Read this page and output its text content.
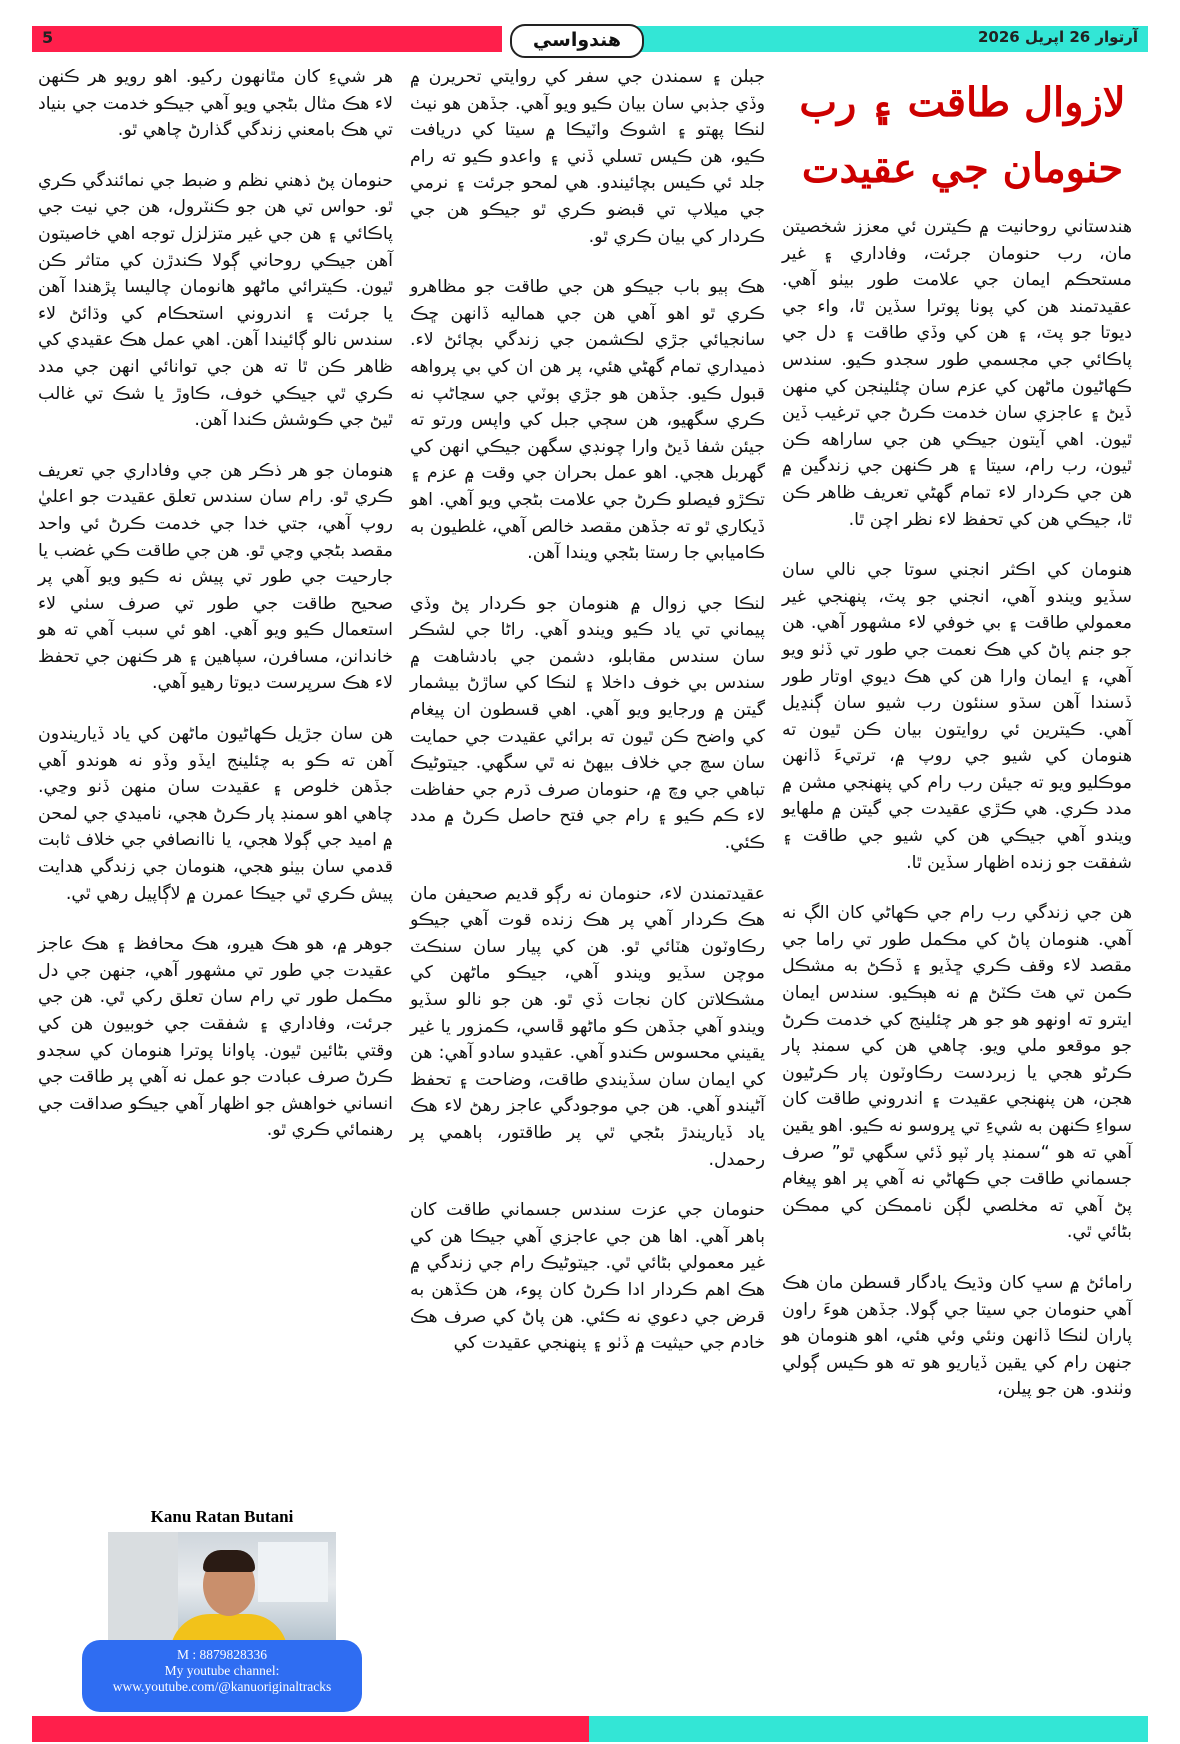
5	هندواسي	آرتوار 26 اپريل 2026
لازوال طاقت ۽ رب
حنومان جي عقيدت

هندستاني روحانيت ۾ ڪيترن ئي معزز شخصيتن مان، رب حنومان جرئت، وفاداري ۽ غير مستحڪم ايمان جي علامت طور بيٺو آهي. عقيدتمند هن کي پونا پوترا سڏين ٿا، واء جي ديوتا جو پٽ، ۽ هن کي وڏي طاقت ۽ دل جي پاڪائي جي مجسمي طور سجدو ڪيو. سندس ڪهاڻيون ماڻهن کي عزم سان چئلينجن کي منهن ڏيڻ ۽ عاجزي سان خدمت ڪرڻ جي ترغيب ڏين ٿيون. اهي آيتون جيڪي هن جي ساراهه ڪن ٿيون، رب رام، سيتا ۽ هر ڪنهن جي زندگين ۾ هن جي ڪردار لاء تمام گهڻي تعريف ظاهر ڪن ٿا، جيڪي هن کي تحفظ لاء نظر اچن ٿا.

هنومان کي اڪثر انجني سوتا جي نالي سان سڏيو ويندو آهي، انجني جو پٽ، پنهنجي غير معمولي طاقت ۽ بي خوفي لاء مشهور آهي. هن جو جنم پاڻ کي هڪ نعمت جي طور تي ڏٺو ويو آهي، ۽ ايمان وارا هن کي هڪ ديوي اوتار طور ڏسندا آهن سڌو سنئون رب شيو سان ڳنڍيل آهي. ڪيترين ئي روايتون بيان ڪن ٿيون ته هنومان کي شيو جي روپ ۾، ترتيءَ ڏانهن موڪليو ويو ته جيئن رب رام کي پنهنجي مشن ۾ مدد ڪري. هي ڪڙي عقيدت جي گيتن ۾ ملهايو ويندو آهي جيڪي هن کي شيو جي طاقت ۽ شفقت جو زنده اظهار سڏين ٿا.

هن جي زندگي رب رام جي ڪهاڻي کان الڳ نه آهي. هنومان پاڻ کي مڪمل طور تي راما جي مقصد لاء وقف ڪري ڇڏيو ۽ ڏڪڻ به مشڪل ڪمن تي هٽ ڪٽڻ ۾ نه هٻڪيو. سندس ايمان ايترو ته اونهو هو جو هر چئلينج کي خدمت ڪرڻ جو موقعو ملي ويو. چاهي هن کي سمنڊ پار ڪرڻو هجي يا زبردست رڪاوٽون پار ڪرڻيون هجن، هن پنهنجي عقيدت ۽ اندروني طاقت کان سواءِ ڪنهن به شيءِ تي ڀروسو نه ڪيو. اهو يقين آهي ته هو “سمنڊ پار ٽپو ڏئي سگهي ٿو” صرف جسماني طاقت جي ڪهاڻي نه آهي پر اهو پيغام پڻ آهي ته مخلصي لڳن ناممڪن کي ممڪن بڻائي ٿي.

رامائڻ ۾ سڀ کان وڌيڪ يادگار قسطن مان هڪ آهي حنومان جي سيتا جي ڳولا. جڏهن هوءَ راون پاران لنڪا ڏانهن ونئي وئي هئي، اهو هنومان هو جنهن رام کي يقين ڏياريو هو ته هو ڪيس ڳولي وٺندو. هن جو پيلن،

جبلن ۽ سمندن جي سفر کي روايتي تحريرن ۾ وڏي جذبي سان بيان ڪيو ويو آهي. جڏهن هو نيٺ لنڪا پهتو ۽ اشوڪ واٽيڪا ۾ سيتا کي دريافت ڪيو، هن ڪيس تسلي ڏني ۽ واعدو ڪيو ته رام جلد ئي ڪيس بچائيندو. هي لمحو جرئت ۽ نرمي جي ميلاپ تي قبضو ڪري ٿو جيڪو هن جي ڪردار کي بيان ڪري ٿو.

هڪ ٻيو باب جيڪو هن جي طاقت جو مظاهرو ڪري ٿو اهو آهي هن جي هماليه ڏانهن ڇڪ سانجيائي جڙي لڪشمن جي زندگي بچائڻ لاء. ذميداري تمام گهڻي هئي، پر هن ان کي بي پرواهه قبول ڪيو. جڏهن هو جڙي ٻوٽي جي سڃاڻپ نه ڪري سگهيو، هن سڄي جبل کي واپس ورتو ته جيئن شفا ڏيڻ وارا چونڊي سگهن جيڪي انهن کي گهربل هجي. اهو عمل بحران جي وقت ۾ عزم ۽ تڪڙو فيصلو ڪرڻ جي علامت بڻجي ويو آهي. اهو ڏيکاري ٿو ته جڏهن مقصد خالص آهي، غلطيون به ڪاميابي جا رستا بڻجي ويندا آهن.

لنڪا جي زوال ۾ هنومان جو ڪردار پڻ وڏي پيماني تي ياد ڪيو ويندو آهي. راڻا جي لشڪر سان سندس مقابلو، دشمن جي بادشاهت ۾ سندس بي خوف داخلا ۽ لنڪا کي ساڙڻ بيشمار گيتن ۾ ورجايو ويو آهي. اهي قسطون ان پيغام کي واضح ڪن ٿيون ته برائي عقيدت جي حمايت سان سچ جي خلاف بيهڻ نه ٿي سگهي. جيتوڻيڪ تباهي جي وچ ۾، حنومان صرف ڌرم جي حفاظت لاء ڪم ڪيو ۽ رام جي فتح حاصل ڪرڻ ۾ مدد ڪئي.

عقيدتمندن لاء، حنومان نه رڳو قديم صحيفن مان هڪ ڪردار آهي پر هڪ زنده قوت آهي جيڪو رڪاوٽون هٽائي ٿو. هن کي پيار سان سنڪٽ موچن سڏيو ويندو آهي، جيڪو ماڻهن کي مشڪلاتن کان نجات ڏي ٿو. هن جو نالو سڏيو ويندو آهي جڏهن ڪو ماڻهو ڦاسي، ڪمزور يا غير يقيني محسوس ڪندو آهي. عقيدو سادو آهي: هن کي ايمان سان سڏيندي طاقت، وضاحت ۽ تحفظ آڻيندو آهي. هن جي موجودگي عاجز رهڻ لاء هڪ ياد ڏياريندڙ بڻجي ٿي پر طاقتور، ٻاهمي پر رحمدل.

حنومان جي عزت سندس جسماني طاقت کان ٻاهر آهي. اها هن جي عاجزي آهي جيڪا هن کي غير معمولي بڻائي ٿي. جيتوڻيڪ رام جي زندگي ۾ هڪ اهم ڪردار ادا ڪرڻ کان پوء، هن ڪڏهن به قرض جي دعوي نه ڪئي. هن پاڻ کي صرف هڪ خادم جي حيثيت ۾ ڏٺو ۽ پنهنجي عقيدت کي

هر شيءِ کان مٿانهون رکيو. اهو رويو هر ڪنهن لاء هڪ مثال بڻجي ويو آهي جيڪو خدمت جي بنياد تي هڪ بامعني زندگي گذارڻ چاهي ٿو.

حنومان پڻ ذهني نظم و ضبط جي نمائندگي ڪري ٿو. حواس تي هن جو ڪنٽرول، هن جي نيت جي پاڪائي ۽ هن جي غير متزلزل توجه اهي خاصيتون آهن جيڪي روحاني ڳولا ڪندڙن کي متاثر ڪن ٿيون. ڪيترائي ماڻهو هانومان چاليسا پڙهندا آهن يا جرئت ۽ اندروني استحڪام کي وڌائڻ لاء سندس نالو ڳائيندا آهن. اهي عمل هڪ عقيدي کي ظاهر ڪن ٿا ته هن جي توانائي انهن جي مدد ڪري ٿي جيڪي خوف، ڪاوڙ يا شڪ تي غالب ٿيڻ جي ڪوشش ڪندا آهن.

هنومان جو هر ذڪر هن جي وفاداري جي تعريف ڪري ٿو. رام سان سندس تعلق عقيدت جو اعليٰ روپ آهي، جتي خدا جي خدمت ڪرڻ ئي واحد مقصد بڻجي وڃي ٿو. هن جي طاقت ڪي غضب يا جارحيت جي طور تي پيش نه ڪيو ويو آهي پر صحيح طاقت جي طور تي صرف سٺي لاء استعمال ڪيو ويو آهي. اهو ئي سبب آهي ته هو خاندانن، مسافرن، سپاهين ۽ هر ڪنهن جي تحفظ لاء هڪ سرپرست ديوتا رهيو آهي.

هن سان جڙيل ڪهاڻيون ماڻهن کي ياد ڏياريندون آهن ته ڪو به چئلينج ايڏو وڏو نه هوندو آهي جڏهن خلوص ۽ عقيدت سان منهن ڏنو وڃي. چاهي اهو سمنڊ پار ڪرڻ هجي، ناميدي جي لمحن ۾ اميد جي ڳولا هجي، يا ناانصافي جي خلاف ثابت قدمي سان بيٺو هجي، هنومان جي زندگي هدايت پيش ڪري ٿي جيڪا عمرن ۾ لاڳاپيل رهي ٿي.

جوهر ۾، هو هڪ هيرو، هڪ محافظ ۽ هڪ عاجز عقيدت جي طور تي مشهور آهي، جنهن جي دل مڪمل طور تي رام سان تعلق رکي ٿي. هن جي جرئت، وفاداري ۽ شفقت جي خوبيون هن کي وقتي بڻائين ٿيون. پاوانا پوترا هنومان کي سجدو ڪرڻ صرف عبادت جو عمل نه آهي پر طاقت جي انساني خواهش جو اظهار آهي جيڪو صداقت جي رهنمائي ڪري ٿو.

Kanu Ratan Butani
M : 8879828336
My youtube channel:
www.youtube.com/@kanuoriginaltracks
